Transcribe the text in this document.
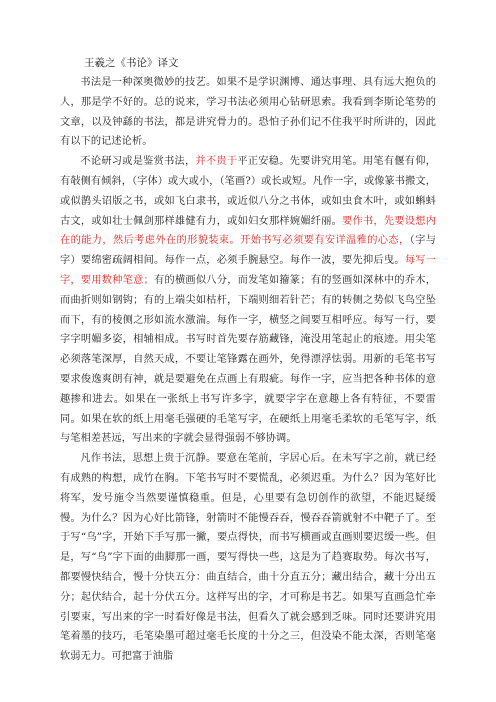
王羲之《书论》译文

书法是一种深奥微妙的技艺。如果不是学识渊博、通达事理、具有远大抱负的人，那是学不好的。总的说来，学习书法必须用心钻研思索。我看到李斯论笔势的文章，以及钟繇的书法，都是讲究骨力的。恐怕子孙们记不住我平时所讲的，因此有以下的记述论析。

不论研习或是鉴赏书法，并不贵于平正安稳。先要讲究用笔。用笔有偃有仰，有敧侧有倾斜，（字体）或大或小，（笔画?）或长或短。凡作一字，或像篆书搬文，或似鹊头诏版之书，或如飞白隶书，或近似八分之书体，或如虫食木叶，或如蝌蚪古文，或如壮士佩剑那样雄健有力，或如妇女那样婉媚纤丽。要作书，先要设想内在的能力，然后考虑外在的形貌装束。开始书写必须要有安详温雅的心态，（字与字）要绵密疏阔相间。每作一点，必须手腕悬空。每作一波，要先抑后曳。每写一字，要用数种笔意；有的横画似八分，而发笔如籀篆；有的竖画如深林中的乔木，而曲折则如钢钩；有的上端尖如枯杆，下端则细若针芒；有的转侧之势似飞鸟空坠而下，有的棱侧之形如流水激湍。每作一字，横竖之间要互相呼应。每写一行，要字字明媚多姿，相辅相成。书写时首先要存筋藏锋，淹没用笔起止的痕迹。用尖笔必须落笔深厚，自然天成，不要让笔锋露在画外，免得漂浮怯弱。用新的毛笔书写要求俊逸爽朗有神，就是要避免在点画上有瑕疵。每作一字，应当把各种书体的意趣掺和进去。如果在一张纸上书写许多字，就要字字在意趣上各有特征，不要雷同。如果在软的纸上用毫毛强硬的毛笔写字，在硬纸上用毫毛柔软的毛笔写字，纸与笔相差甚远，写出来的字就会显得强弱不够协调。

凡作书法，思想上贵于沉静。要意在笔前，字居心后。在未写字之前，就已经有成熟的构想，成竹在胸。下笔书写时不要慌乱，必须迟重。为什么？因为笔好比将军，发号施令当然要谨慎稳重。但是，心里要有急切创作的欲望，不能迟疑缓慢。为什么？因为心好比箭锋，射箭时不能慢吞吞，慢吞吞箭就射不中靶子了。至于写“乌”字，开始下手写那一撇，要点得快，而书写横画或直画则要迟缓一些。但是，写“乌”字下面的曲脚那一画，要写得快一些，这是为了趋赛取势。每次书写，都要慢快结合，慢十分快五分：曲直结合，曲十分直五分；藏出结合，藏十分出五分；起伏结合，起十分伏五分。这样写出的字，才可称是书艺。如果写直画急忙牵引要束，写出来的字一时看好像是书法，但看久了就会感到乏味。同时还要讲究用笔着墨的技巧，毛笔染墨可超过毫毛长度的十分之三，但没染不能太深，否则笔毫软弱无力。可把富于油脂
